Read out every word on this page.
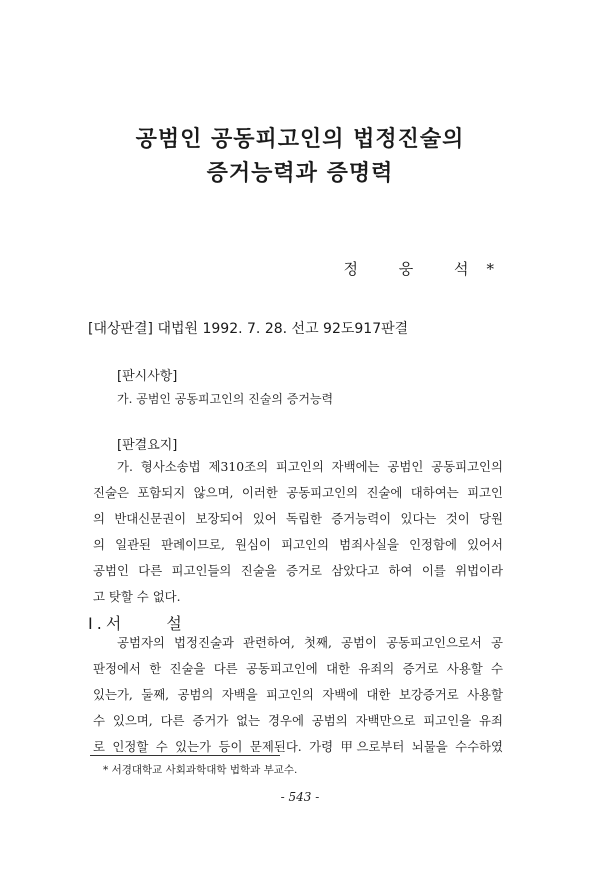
공범인 공동피고인의 법정진술의
증거능력과 증명력
정 웅 석*
[대상판결] 대법원 1992. 7. 28. 선고 92도917판결
[판시사항]
가. 공범인 공동피고인의 진술의 증거능력
[판결요지]
가. 형사소송법 제310조의 피고인의 자백에는 공범인 공동피고인의
진술은 포함되지 않으며, 이러한 공동피고인의 진술에 대하여는 피고인
의 반대신문권이 보장되어 있어 독립한 증거능력이 있다는 것이 당원
의 일관된 판례이므로, 원심이 피고인의 범죄사실을 인정함에 있어서
공범인 다른 피고인들의 진술을 증거로 삼았다고 하여 이를 위법이라
고 탓할 수 없다.
Ⅰ.서 설
공범자의 법정진술과 관련하여, 첫째, 공범이 공동피고인으로서 공
판정에서 한 진술을 다른 공동피고인에 대한 유죄의 증거로 사용할 수
있는가, 둘째, 공범의 자백을 피고인의 자백에 대한 보강증거로 사용할
수 있으며, 다른 증거가 없는 경우에 공범의 자백만으로 피고인을 유죄
로 인정할 수 있는가 등이 문제된다. 가령 甲으로부터 뇌물을 수수하였
* 서경대학교 사회과학대학 법학과 부교수.
- 543 -
